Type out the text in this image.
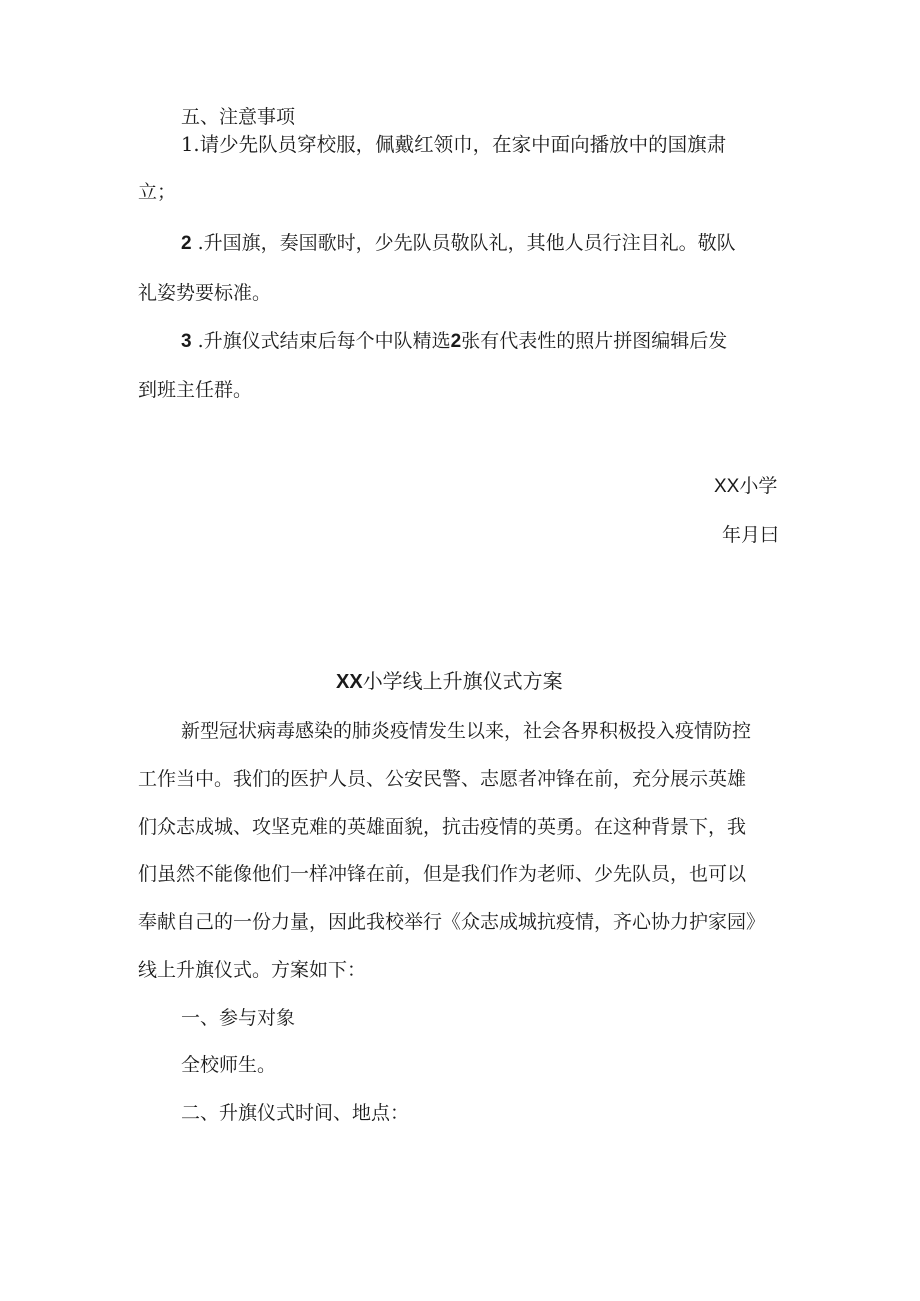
五、注意事项
1.请少先队员穿校服，佩戴红领巾，在家中面向播放中的国旗肃
立；
2 .升国旗，奏国歌时，少先队员敬队礼，其他人员行注目礼。敬队
礼姿势要标准。
3 .升旗仪式结束后每个中队精选2张有代表性的照片拼图编辑后发
到班主任群。
XX小学
年月曰
XX小学线上升旗仪式方案
新型冠状病毒感染的肺炎疫情发生以来，社会各界积极投入疫情防控
工作当中。我们的医护人员、公安民警、志愿者冲锋在前，充分展示英雄
们众志成城、攻坚克难的英雄面貌，抗击疫情的英勇。在这种背景下，我
们虽然不能像他们一样冲锋在前，但是我们作为老师、少先队员，也可以
奉献自己的一份力量，因此我校举行《众志成城抗疫情，齐心协力护家园》
线上升旗仪式。方案如下：
一、参与对象
全校师生。
二、升旗仪式时间、地点：
